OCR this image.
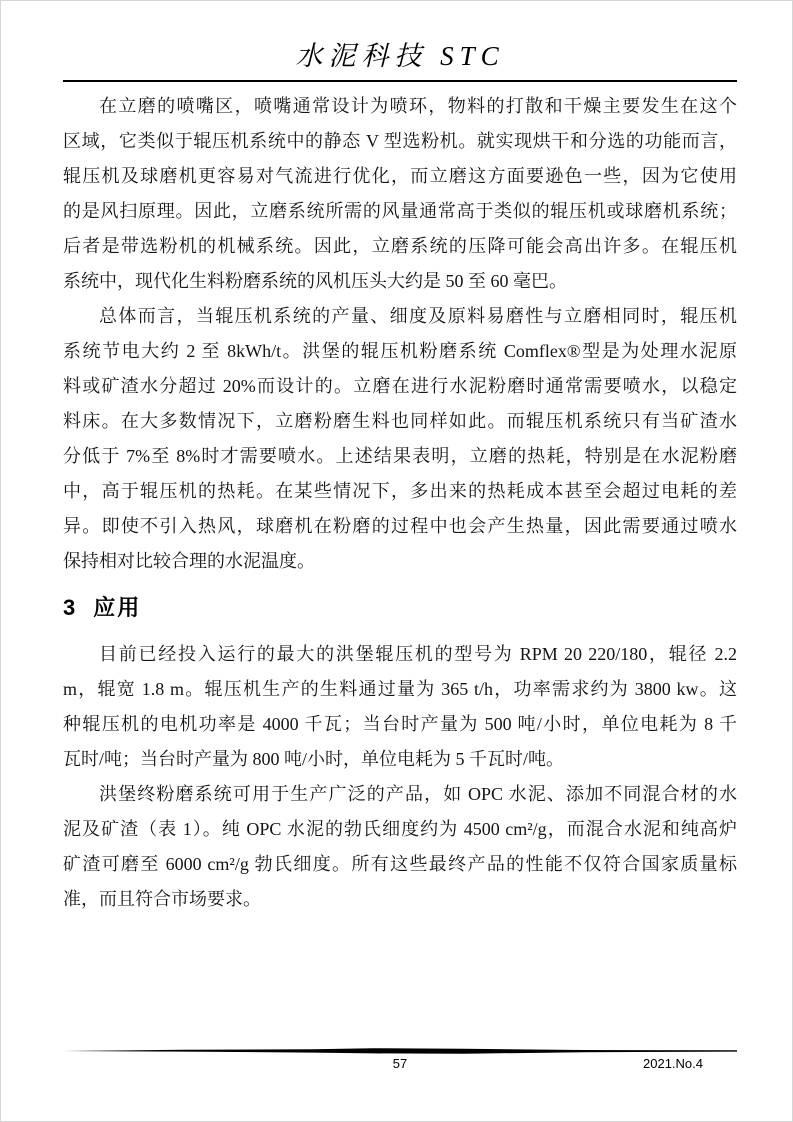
水泥科技 STC
在立磨的喷嘴区，喷嘴通常设计为喷环，物料的打散和干燥主要发生在这个
区域，它类似于辊压机系统中的静态 V 型选粉机。就实现烘干和分选的功能而言，
辊压机及球磨机更容易对气流进行优化，而立磨这方面要逊色一些，因为它使用
的是风扫原理。因此，立磨系统所需的风量通常高于类似的辊压机或球磨机系统；
后者是带选粉机的机械系统。因此，立磨系统的压降可能会高出许多。在辊压机
系统中，现代化生料粉磨系统的风机压头大约是 50 至 60 毫巴。
总体而言，当辊压机系统的产量、细度及原料易磨性与立磨相同时，辊压机
系统节电大约 2 至 8kWh/t。洪堡的辊压机粉磨系统 Comflex®型是为处理水泥原
料或矿渣水分超过 20%而设计的。立磨在进行水泥粉磨时通常需要喷水，以稳定
料床。在大多数情况下，立磨粉磨生料也同样如此。而辊压机系统只有当矿渣水
分低于 7%至 8%时才需要喷水。上述结果表明，立磨的热耗，特别是在水泥粉磨
中，高于辊压机的热耗。在某些情况下，多出来的热耗成本甚至会超过电耗的差
异。即使不引入热风，球磨机在粉磨的过程中也会产生热量，因此需要通过喷水
保持相对比较合理的水泥温度。
3 应用
目前已经投入运行的最大的洪堡辊压机的型号为 RPM 20 220/180，辊径 2.2
m，辊宽 1.8 m。辊压机生产的生料通过量为 365 t/h，功率需求约为 3800 kw。这
种辊压机的电机功率是 4000 千瓦；当台时产量为 500 吨/小时，单位电耗为 8 千
瓦时/吨；当台时产量为 800 吨/小时，单位电耗为 5 千瓦时/吨。
洪堡终粉磨系统可用于生产广泛的产品，如 OPC 水泥、添加不同混合材的水
泥及矿渣（表 1）。纯 OPC 水泥的勃氏细度约为 4500 cm²/g，而混合水泥和纯高炉
矿渣可磨至 6000 cm²/g 勃氏细度。所有这些最终产品的性能不仅符合国家质量标
准，而且符合市场要求。
57	2021.No.4
